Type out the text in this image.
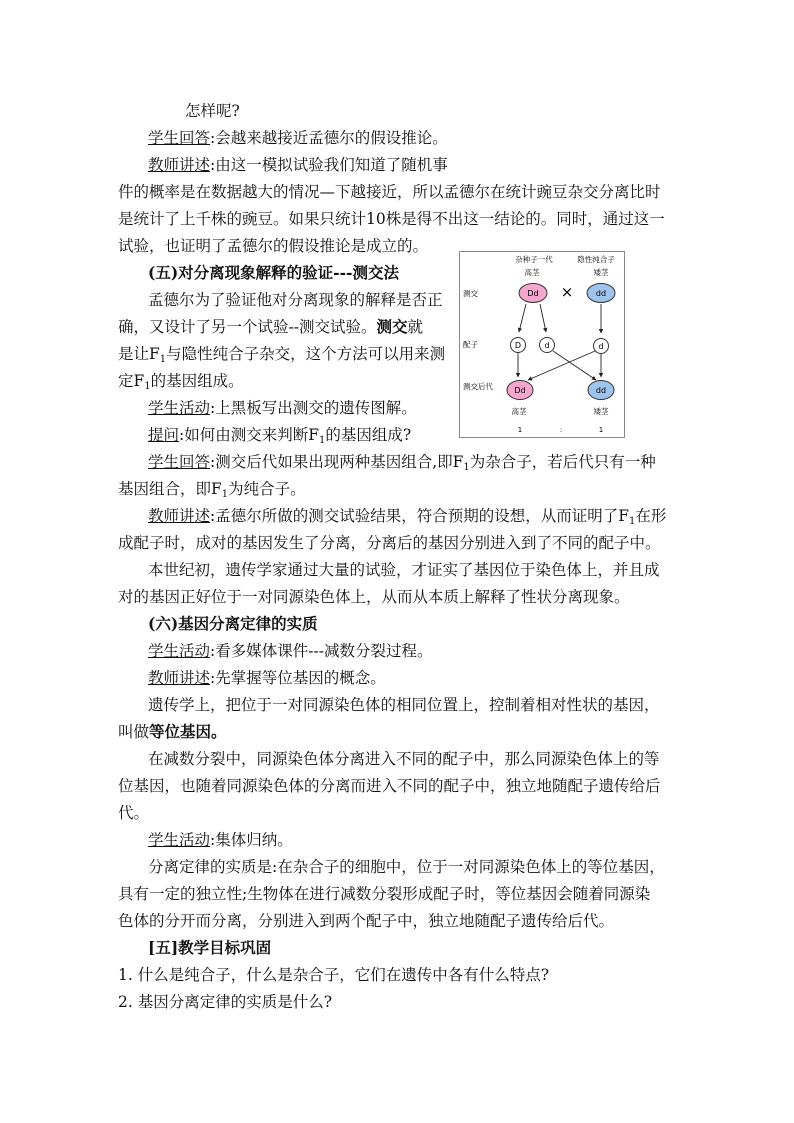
怎样呢?
学生回答:会越来越接近孟德尔的假设推论。
教师讲述:由这一模拟试验我们知道了随机事
件的概率是在数据越大的情况—下越接近，所以孟德尔在统计豌豆杂交分离比时
是统计了上千株的豌豆。如果只统计10株是得不出这一结论的。同时，通过这一
试验，也证明了孟德尔的假设推论是成立的。
(五)对分离现象解释的验证---测交法
孟德尔为了验证他对分离现象的解释是否正
确，又设计了另一个试验--测交试验。测交就
是让$F_1$与隐性纯合子杂交，这个方法可以用来测
定$F_1$的基因组成。
学生活动:上黑板写出测交的遗传图解。
提问:如何由测交来判断$F_1$的基因组成?
学生回答:测交后代如果出现两种基因组合,即$F_1$为杂合子，若后代只有一种
基因组合，即$F_1$为纯合子。
教师讲述:孟德尔所做的测交试验结果，符合预期的设想，从而证明了$F_1$在形
成配子时，成对的基因发生了分离，分离后的基因分别进入到了不同的配子中。
本世纪初，遗传学家通过大量的试验，才证实了基因位于染色体上，并且成
对的基因正好位于一对同源染色体上，从而从本质上解释了性状分离现象。
(六)基因分离定律的实质
学生活动:看多媒体课件---减数分裂过程。
教师讲述:先掌握等位基因的概念。
遗传学上，把位于一对同源染色体的相同位置上，控制着相对性状的基因，
叫做等位基因。
在减数分裂中，同源染色体分离进入不同的配子中，那么同源染色体上的等
位基因，也随着同源染色体的分离而进入不同的配子中，独立地随配子遗传给后
代。
学生活动:集体归纳。
分离定律的实质是:在杂合子的细胞中，位于一对同源染色体上的等位基因，
具有一定的独立性;生物体在进行减数分裂形成配子时，等位基因会随着同源染
色体的分开而分离，分别进入到两个配子中，独立地随配子遗传给后代。
[五]教学目标巩固
1. 什么是纯合子，什么是杂合子，它们在遗传中各有什么特点?
2. 基因分离定律的实质是什么?
杂种子一代	隐性纯合子
高茎	矮茎
测交
配子
测交后代
Dd ×	dd
D	d	d
Dd	dd
高茎	矮茎
1	:	1
